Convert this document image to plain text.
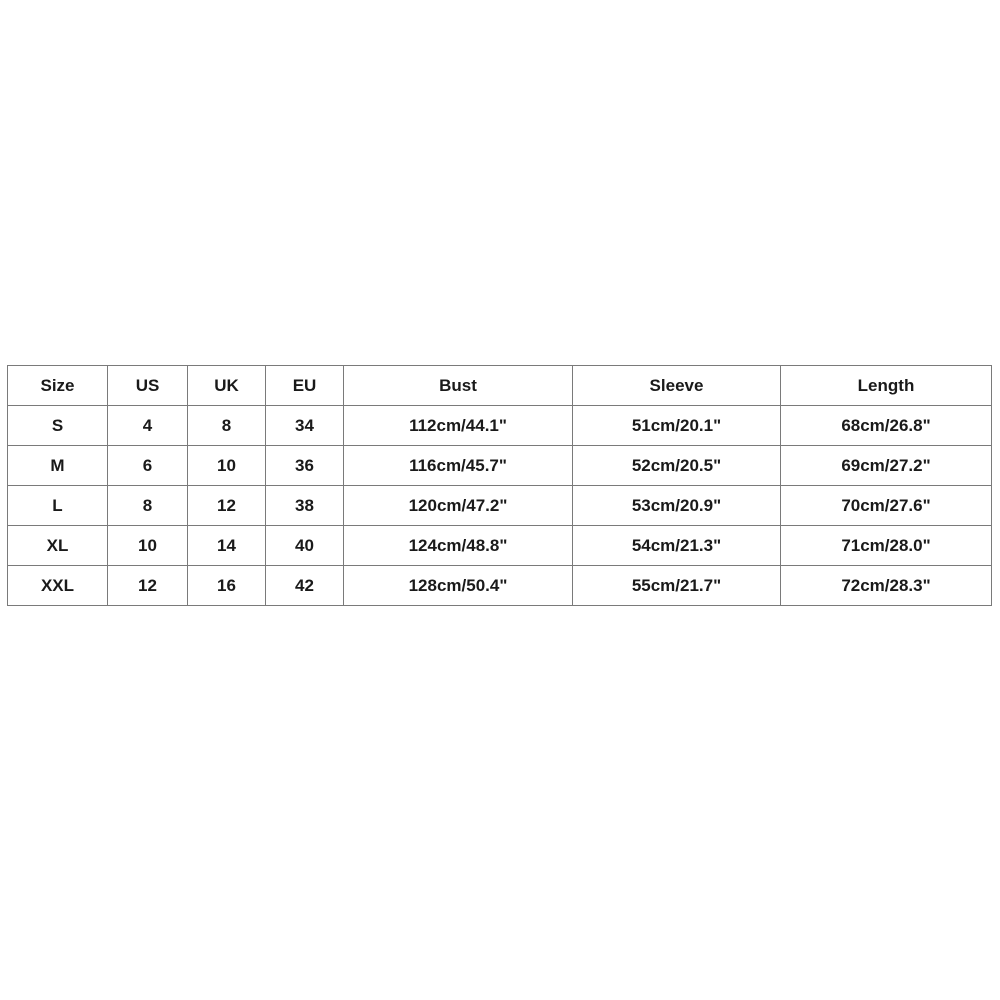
Size	US	UK	EU	Bust	Sleeve	Length
S	4	8	34	112cm/44.1"	51cm/20.1"	68cm/26.8"
M	6	10	36	116cm/45.7"	52cm/20.5"	69cm/27.2"
L	8	12	38	120cm/47.2"	53cm/20.9"	70cm/27.6"
XL	10	14	40	124cm/48.8"	54cm/21.3"	71cm/28.0"
XXL	12	16	42	128cm/50.4"	55cm/21.7"	72cm/28.3"
